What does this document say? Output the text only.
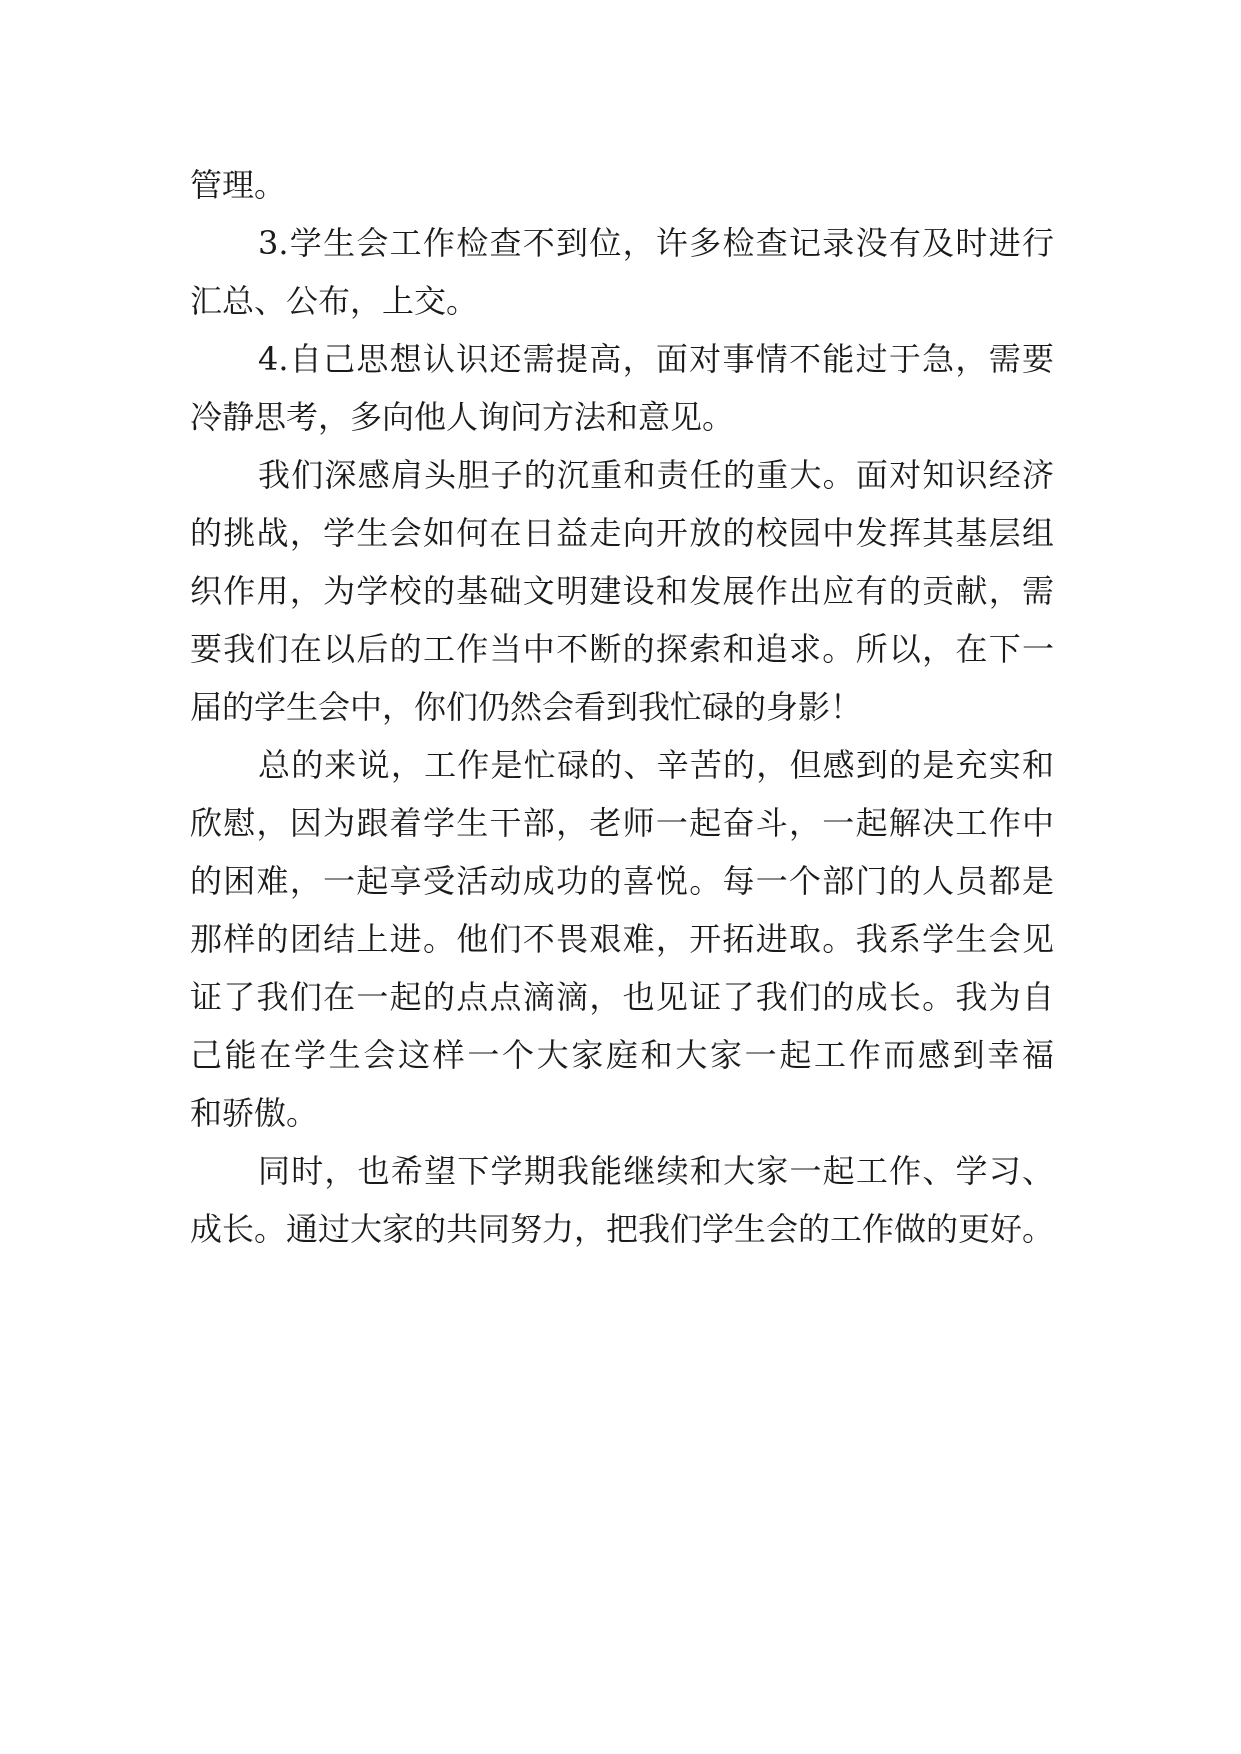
管理。
3.学生会工作检查不到位，许多检查记录没有及时进行
汇总、公布，上交。
4.自己思想认识还需提高，面对事情不能过于急，需要
冷静思考，多向他人询问方法和意见。
我们深感肩头胆子的沉重和责任的重大。面对知识经济
的挑战，学生会如何在日益走向开放的校园中发挥其基层组
织作用，为学校的基础文明建设和发展作出应有的贡献，需
要我们在以后的工作当中不断的探索和追求。所以，在下一
届的学生会中，你们仍然会看到我忙碌的身影！
总的来说，工作是忙碌的、辛苦的，但感到的是充实和
欣慰，因为跟着学生干部，老师一起奋斗，一起解决工作中
的困难，一起享受活动成功的喜悦。每一个部门的人员都是
那样的团结上进。他们不畏艰难，开拓进取。我系学生会见
证了我们在一起的点点滴滴，也见证了我们的成长。我为自
己能在学生会这样一个大家庭和大家一起工作而感到幸福
和骄傲。
同时，也希望下学期我能继续和大家一起工作、学习、
成长。通过大家的共同努力，把我们学生会的工作做的更好。
